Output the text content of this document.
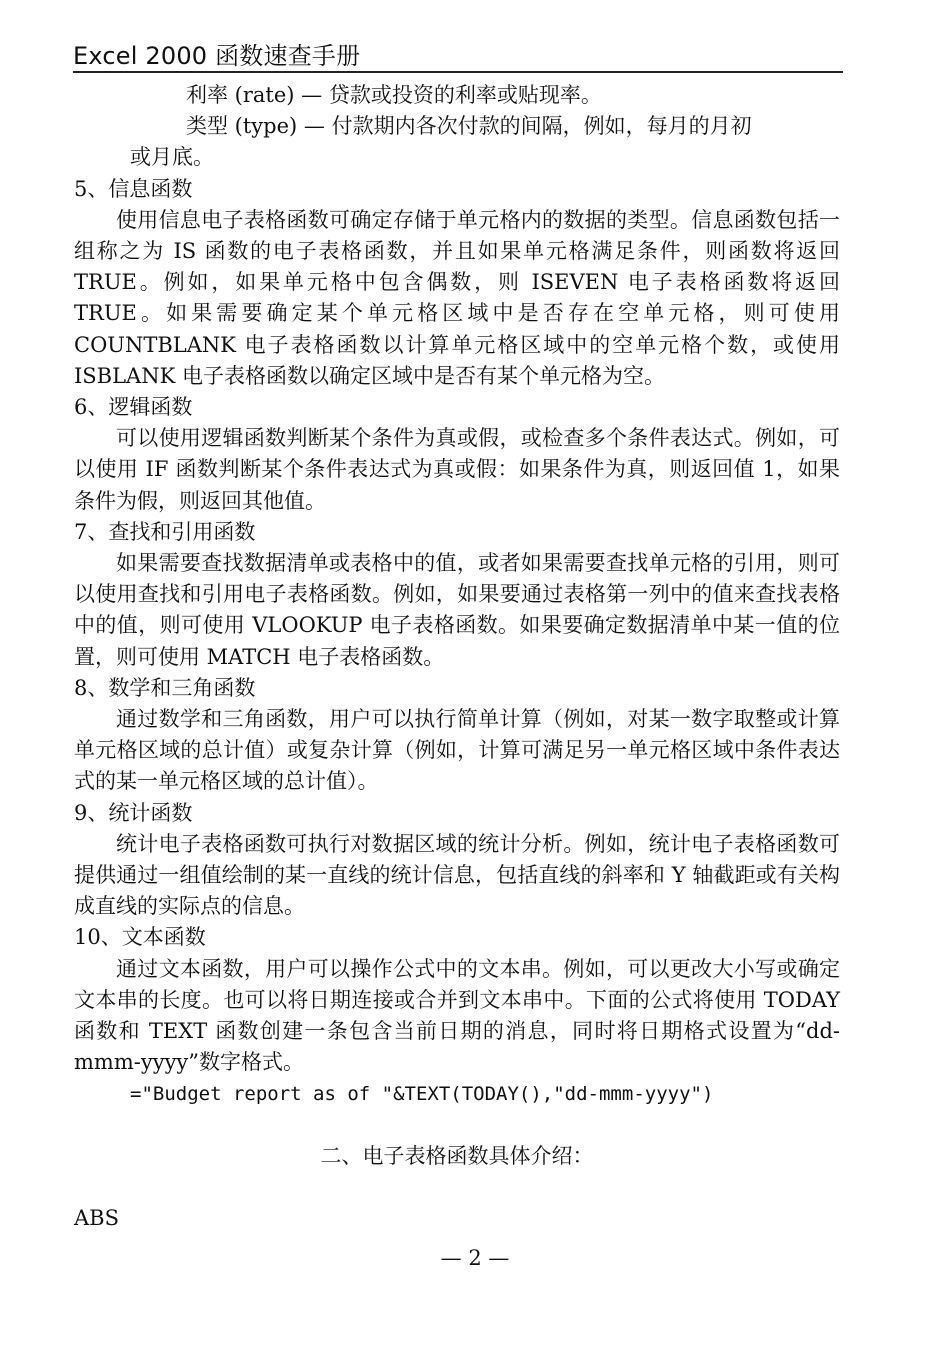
Excel 2000 函数速查手册

利率 (rate) — 贷款或投资的利率或贴现率。

类型 (type) — 付款期内各次付款的间隔，例如，每月的月初

或月底。

5、信息函数

使用信息电子表格函数可确定存储于单元格内的数据的类型。信息函数包括一组称之为 IS 函数的电子表格函数，并且如果单元格满足条件，则函数将返回 TRUE。例如，如果单元格中包含偶数，则 ISEVEN 电子表格函数将返回 TRUE。如果需要确定某个单元格区域中是否存在空单元格，则可使用 COUNTBLANK 电子表格函数以计算单元格区域中的空单元格个数，或使用 ISBLANK 电子表格函数以确定区域中是否有某个单元格为空。

6、逻辑函数

可以使用逻辑函数判断某个条件为真或假，或检查多个条件表达式。例如，可以使用 IF 函数判断某个条件表达式为真或假：如果条件为真，则返回值 1，如果条件为假，则返回其他值。

7、查找和引用函数

如果需要查找数据清单或表格中的值，或者如果需要查找单元格的引用，则可以使用查找和引用电子表格函数。例如，如果要通过表格第一列中的值来查找表格中的值，则可使用 VLOOKUP 电子表格函数。如果要确定数据清单中某一值的位置，则可使用 MATCH 电子表格函数。

8、数学和三角函数

通过数学和三角函数，用户可以执行简单计算（例如，对某一数字取整或计算单元格区域的总计值）或复杂计算（例如，计算可满足另一单元格区域中条件表达式的某一单元格区域的总计值）。

9、统计函数

统计电子表格函数可执行对数据区域的统计分析。例如，统计电子表格函数可提供通过一组值绘制的某一直线的统计信息，包括直线的斜率和 Y 轴截距或有关构成直线的实际点的信息。

10、文本函数

通过文本函数，用户可以操作公式中的文本串。例如，可以更改大小写或确定文本串的长度。也可以将日期连接或合并到文本串中。下面的公式将使用 TODAY 函数和 TEXT 函数创建一条包含当前日期的消息，同时将日期格式设置为“dd-mmm-yyyy”数字格式。

="Budget report as of "&TEXT(TODAY(),"dd-mmm-yyyy")

二、电子表格函数具体介绍：

ABS

— 2 —
